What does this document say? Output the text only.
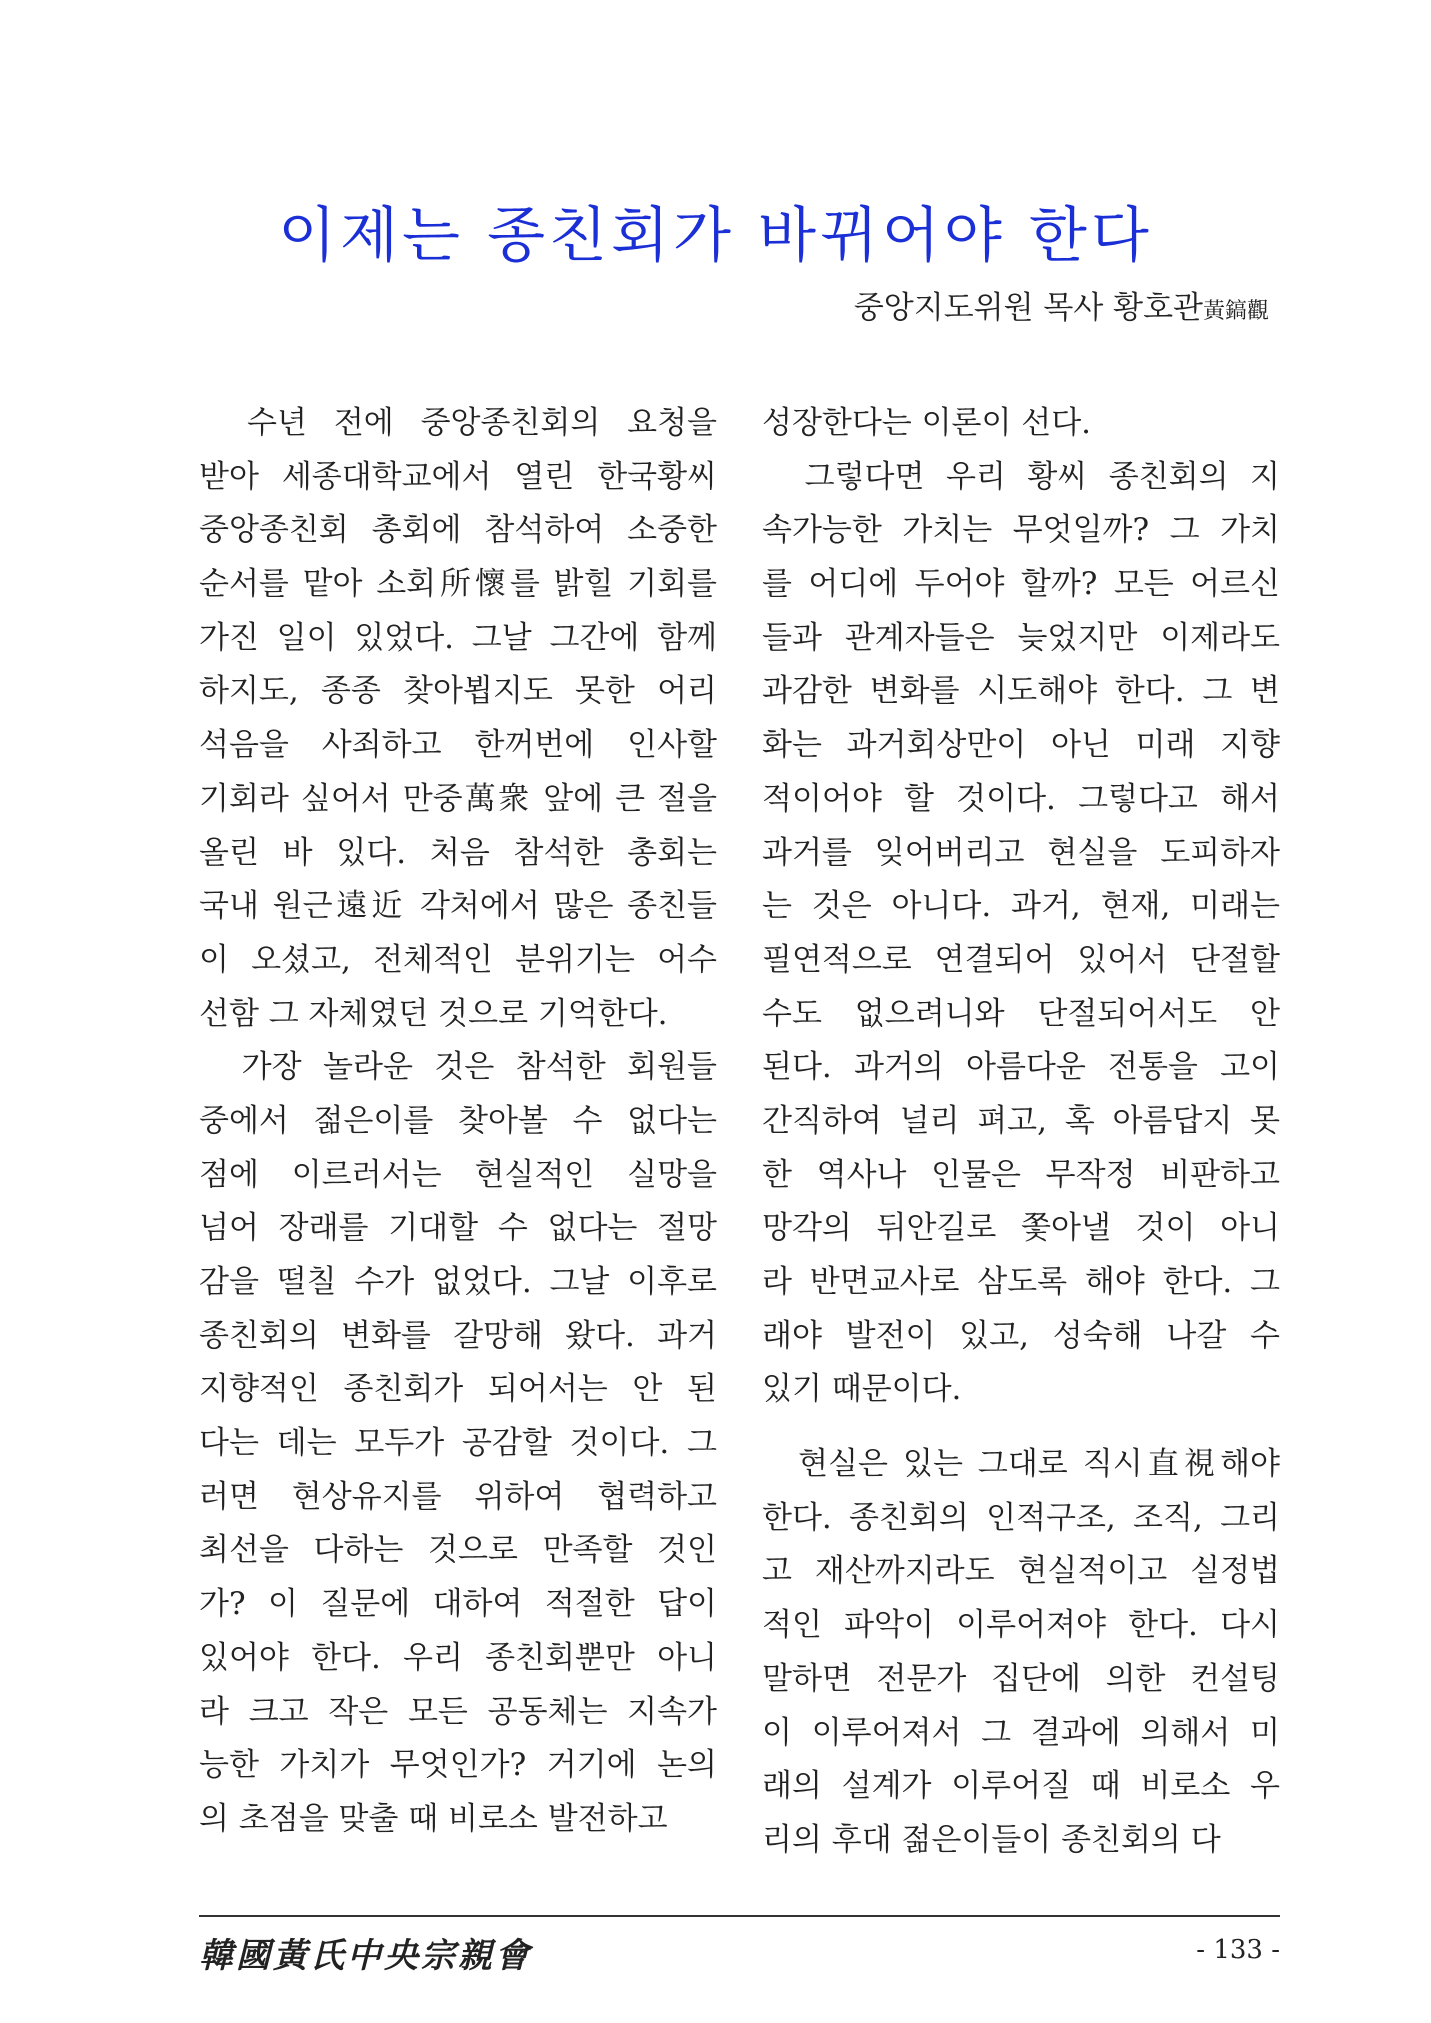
이제는 종친회가 바뀌어야 한다
중앙지도위원 목사 황호관黃鎬觀
　수년 전에 중앙종친회의 요청을
받아 세종대학교에서 열린 한국황씨
중앙종친회 총회에 참석하여 소중한
순서를 맡아 소회所懷를 밝힐 기회를
가진 일이 있었다. 그날 그간에 함께
하지도, 종종 찾아뵙지도 못한 어리
석음을 사죄하고 한꺼번에 인사할
기회라 싶어서 만중萬衆 앞에 큰 절을
올린 바 있다. 처음 참석한 총회는
국내 원근遠近 각처에서 많은 종친들
이 오셨고, 전체적인 분위기는 어수
선함 그 자체였던 것으로 기억한다.
　가장 놀라운 것은 참석한 회원들
중에서 젊은이를 찾아볼 수 없다는
점에 이르러서는 현실적인 실망을
넘어 장래를 기대할 수 없다는 절망
감을 떨칠 수가 없었다. 그날 이후로
종친회의 변화를 갈망해 왔다. 과거
지향적인 종친회가 되어서는 안 된
다는 데는 모두가 공감할 것이다. 그
러면 현상유지를 위하여 협력하고
최선을 다하는 것으로 만족할 것인
가? 이 질문에 대하여 적절한 답이
있어야 한다. 우리 종친회뿐만 아니
라 크고 작은 모든 공동체는 지속가
능한 가치가 무엇인가? 거기에 논의
의 초점을 맞출 때 비로소 발전하고
성장한다는 이론이 선다.
　그렇다면 우리 황씨 종친회의 지
속가능한 가치는 무엇일까? 그 가치
를 어디에 두어야 할까? 모든 어르신
들과 관계자들은 늦었지만 이제라도
과감한 변화를 시도해야 한다. 그 변
화는 과거회상만이 아닌 미래 지향
적이어야 할 것이다. 그렇다고 해서
과거를 잊어버리고 현실을 도피하자
는 것은 아니다. 과거, 현재, 미래는
필연적으로 연결되어 있어서 단절할
수도 없으려니와 단절되어서도 안
된다. 과거의 아름다운 전통을 고이
간직하여 널리 펴고, 혹 아름답지 못
한 역사나 인물은 무작정 비판하고
망각의 뒤안길로 쫓아낼 것이 아니
라 반면교사로 삼도록 해야 한다. 그
래야 발전이 있고, 성숙해 나갈 수
있기 때문이다.
　현실은 있는 그대로 직시直視해야
한다. 종친회의 인적구조, 조직, 그리
고 재산까지라도 현실적이고 실정법
적인 파악이 이루어져야 한다. 다시
말하면 전문가 집단에 의한 컨설팅
이 이루어져서 그 결과에 의해서 미
래의 설계가 이루어질 때 비로소 우
리의 후대 젊은이들이 종친회의 다
韓國黃氏中央宗親會	- 133 -
